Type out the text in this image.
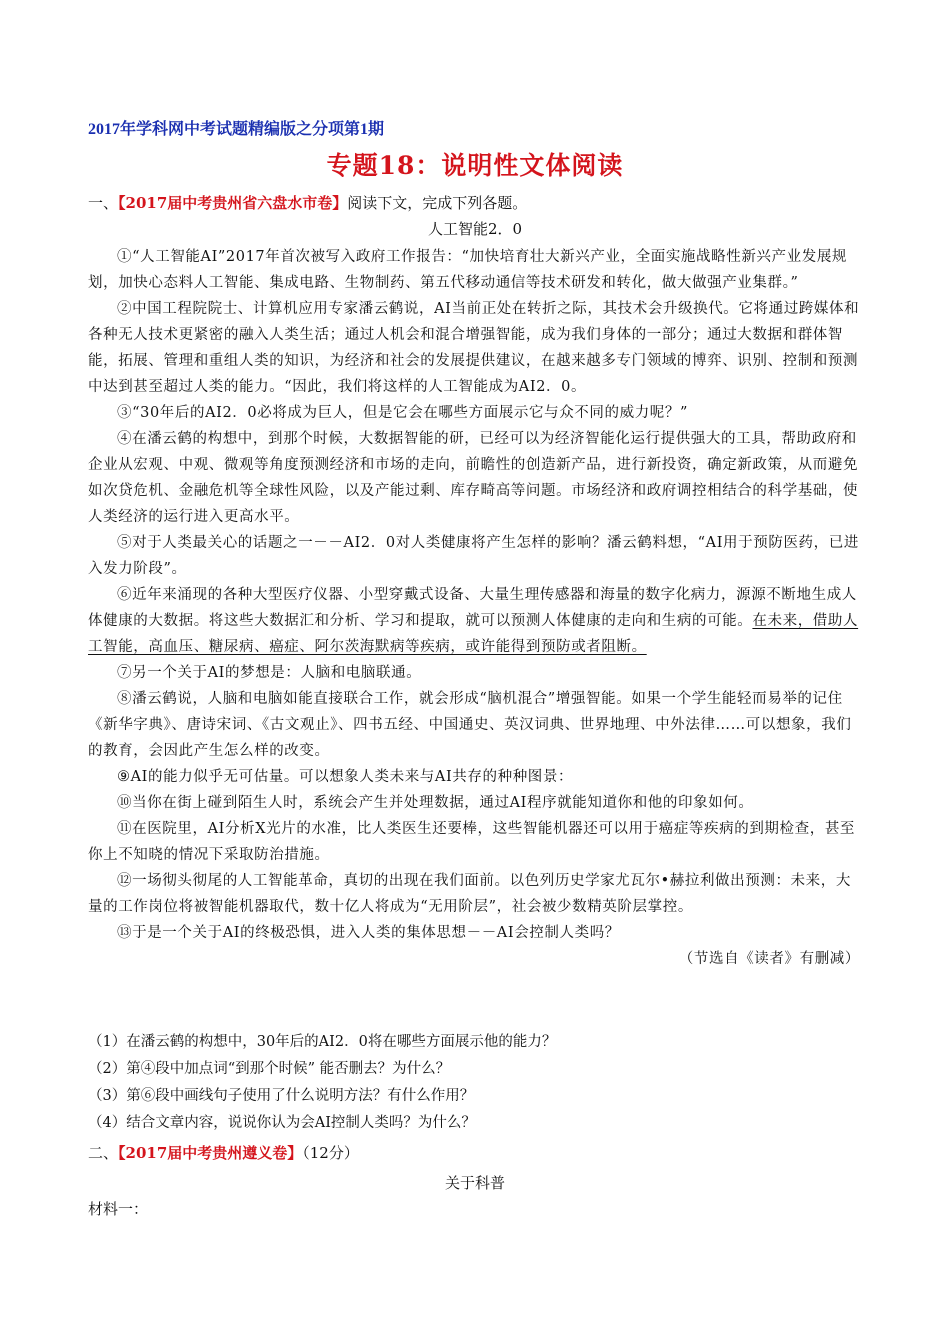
2017年学科网中考试题精编版之分项第1期
专题18：说明性文体阅读
一、【2017届中考贵州省六盘水市卷】阅读下文，完成下列各题。
人工智能2．0

①“人工智能AI”2017年首次被写入政府工作报告：“加快培育壮大新兴产业，全面实施战略性新兴产业发展规划，加快心态料人工智能、集成电路、生物制药、第五代移动通信等技术研发和转化，做大做强产业集群。”

②中国工程院院士、计算机应用专家潘云鹤说，AI当前正处在转折之际，其技术会升级换代。它将通过跨媒体和各种无人技术更紧密的融入人类生活；通过人机会和混合增强智能，成为我们身体的一部分；通过大数据和群体智能，拓展、管理和重组人类的知识，为经济和社会的发展提供建议，在越来越多专门领域的博弈、识别、控制和预测中达到甚至超过人类的能力。“因此，我们将这样的人工智能成为AI2．0。

③“30年后的AI2．0必将成为巨人，但是它会在哪些方面展示它与众不同的威力呢？”

④在潘云鹤的构想中，到那个时候，大数据智能的研，已经可以为经济智能化运行提供强大的工具，帮助政府和企业从宏观、中观、微观等角度预测经济和市场的走向，前瞻性的创造新产品，进行新投资，确定新政策，从而避免如次贷危机、金融危机等全球性风险，以及产能过剩、库存畸高等问题。市场经济和政府调控相结合的科学基础，使人类经济的运行进入更高水平。

⑤对于人类最关心的话题之一－－AI2．0对人类健康将产生怎样的影响？潘云鹤料想，“AI用于预防医药，已进入发力阶段”。

⑥近年来涌现的各种大型医疗仪器、小型穿戴式设备、大量生理传感器和海量的数字化病力，源源不断地生成人体健康的大数据。将这些大数据汇和分析、学习和提取，就可以预测人体健康的走向和生病的可能。在未来，借助人工智能，高血压、糖尿病、癌症、阿尔茨海默病等疾病，或许能得到预防或者阻断。

⑦另一个关于AI的梦想是：人脑和电脑联通。

⑧潘云鹤说，人脑和电脑如能直接联合工作，就会形成“脑机混合”增强智能。如果一个学生能轻而易举的记住《新华字典》、唐诗宋词、《古文观止》、四书五经、中国通史、英汉词典、世界地理、中外法律……可以想象，我们的教育，会因此产生怎么样的改变。

⑨AI的能力似乎无可估量。可以想象人类未来与AI共存的种种图景：

⑩当你在街上碰到陌生人时，系统会产生并处理数据，通过AI程序就能知道你和他的印象如何。

⑪在医院里，AI分析X光片的水准，比人类医生还要棒，这些智能机器还可以用于癌症等疾病的到期检查，甚至你上不知晓的情况下采取防治措施。

⑫一场彻头彻尾的人工智能革命，真切的出现在我们面前。以色列历史学家尤瓦尔•赫拉利做出预测：未来，大量的工作岗位将被智能机器取代，数十亿人将成为“无用阶层”，社会被少数精英阶层掌控。

⑬于是一个关于AI的终极恐惧，进入人类的集体思想－－AI会控制人类吗？

（节选自《读者》有删减）

（1）在潘云鹤的构想中，30年后的AI2．0将在哪些方面展示他的能力？
（2）第④段中加点词“到那个时候” 能否删去？为什么？
（3）第⑥段中画线句子使用了什么说明方法？有什么作用？
（4）结合文章内容，说说你认为会AI控制人类吗？为什么？
二、【2017届中考贵州遵义卷】（12分）
关于科普
材料一：
